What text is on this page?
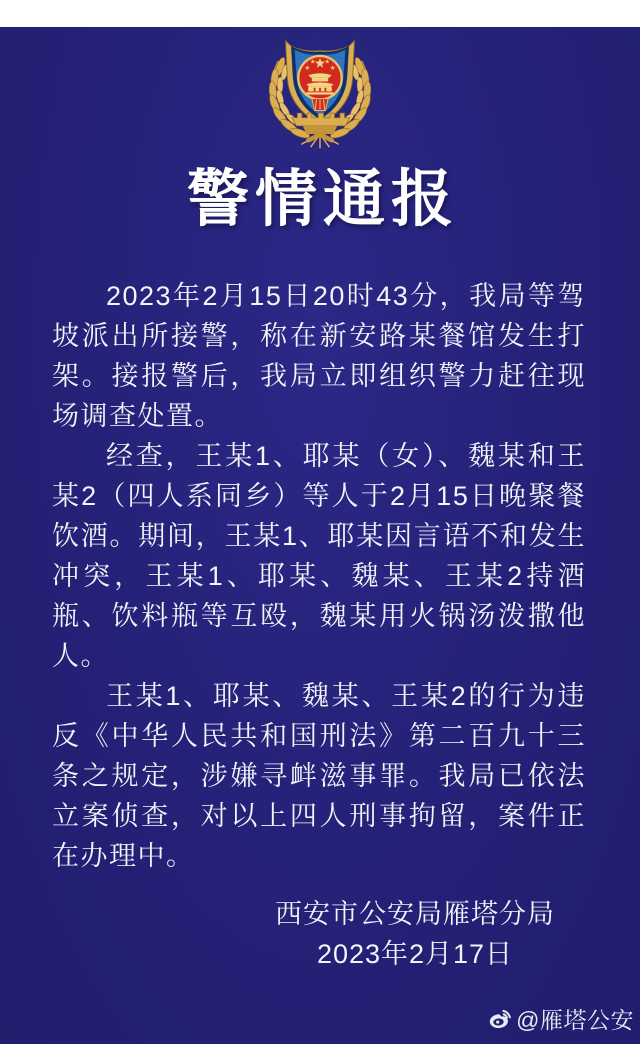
警情通报

2023年2月15日20时43分，我局等驾坡派出所接警，称在新安路某餐馆发生打架。接报警后，我局立即组织警力赶往现场调查处置。

经查，王某1、耶某（女）、魏某和王某2（四人系同乡）等人于2月15日晚聚餐饮酒。期间，王某1、耶某因言语不和发生冲突，王某1、耶某、魏某、王某2持酒瓶、饮料瓶等互殴，魏某用火锅汤泼撒他人。

王某1、耶某、魏某、王某2的行为违反《中华人民共和国刑法》第二百九十三条之规定，涉嫌寻衅滋事罪。我局已依法立案侦查，对以上四人刑事拘留，案件正在办理中。

西安市公安局雁塔分局
2023年2月17日
@雁塔公安
